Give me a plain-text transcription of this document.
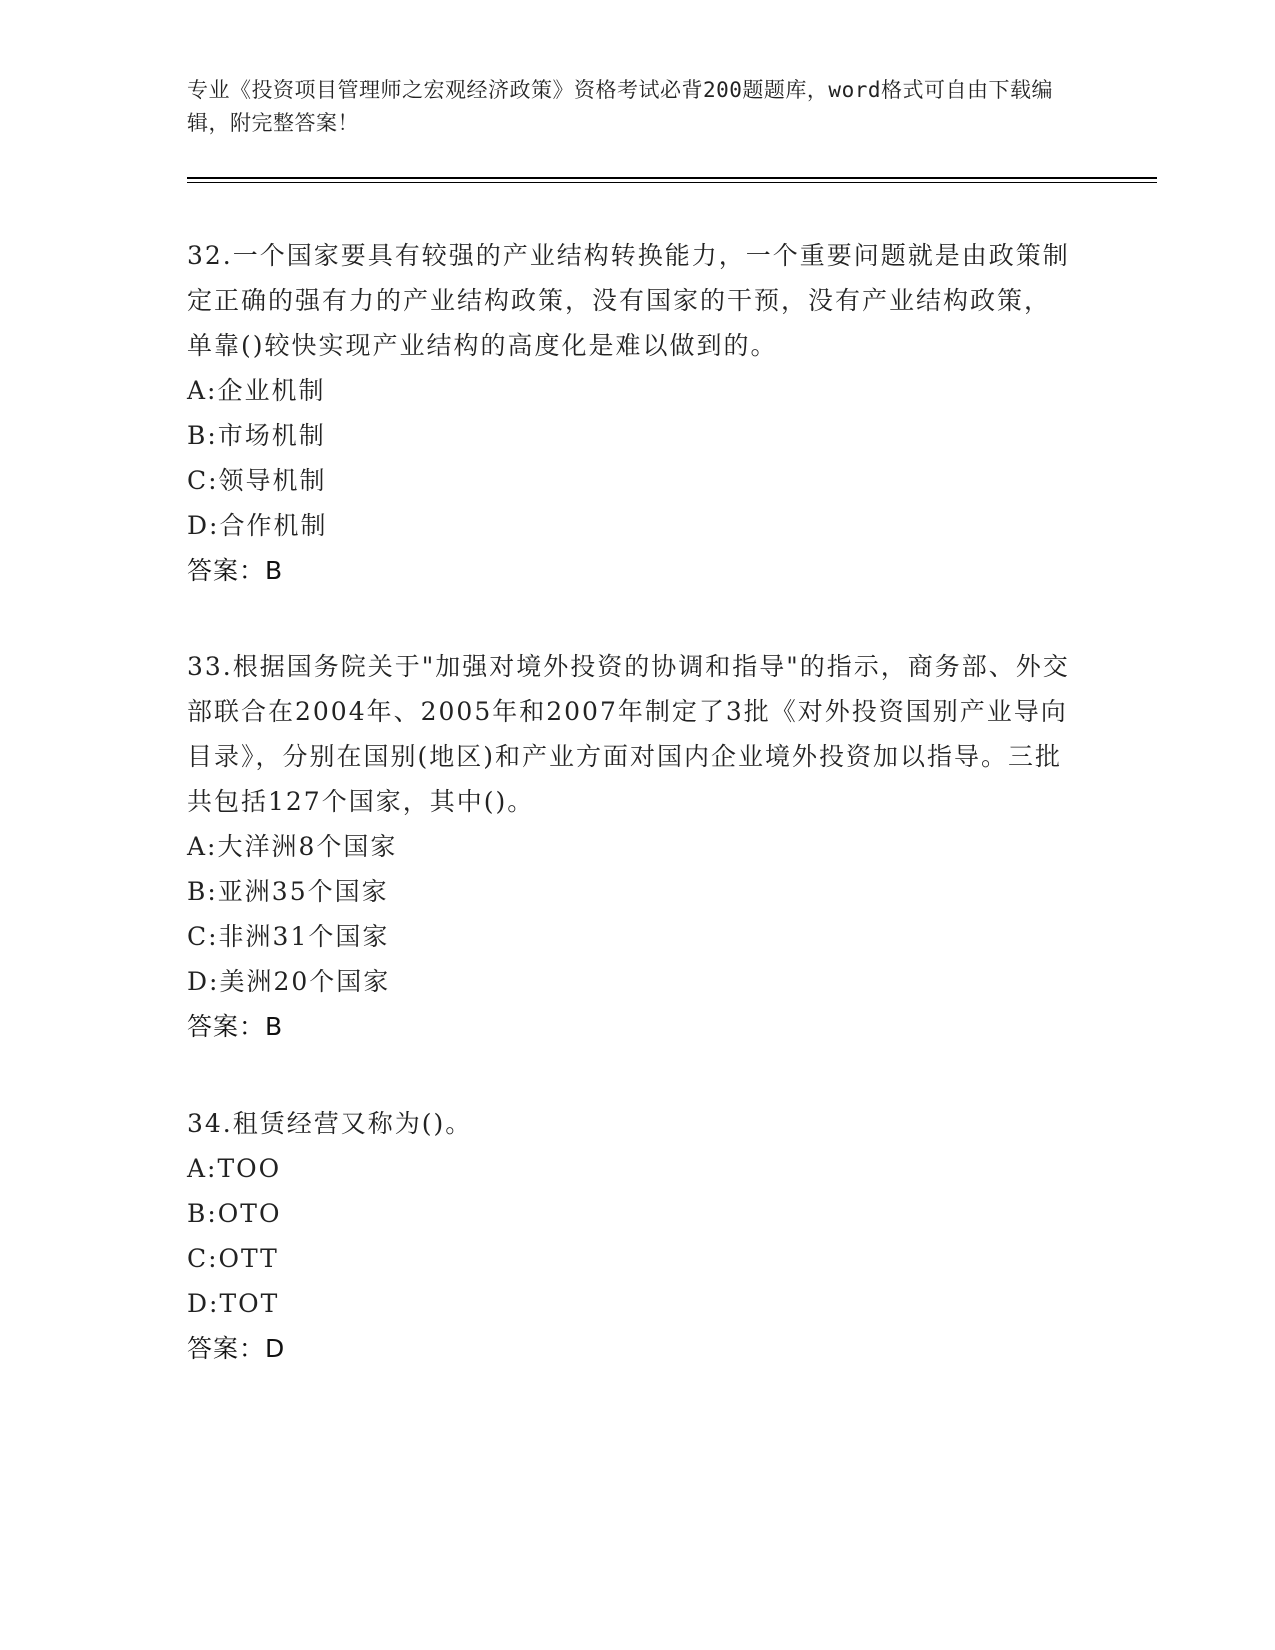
专业《投资项目管理师之宏观经济政策》资格考试必背200题题库，word格式可自由下载编辑，附完整答案！

32.一个国家要具有较强的产业结构转换能力，一个重要问题就是由政策制定正确的强有力的产业结构政策，没有国家的干预，没有产业结构政策，单靠()较快实现产业结构的高度化是难以做到的。

A:企业机制

B:市场机制

C:领导机制

D:合作机制

答案：B

33.根据国务院关于"加强对境外投资的协调和指导"的指示，商务部、外交部联合在2004年、2005年和2007年制定了3批《对外投资国别产业导向目录》，分别在国别(地区)和产业方面对国内企业境外投资加以指导。三批共包括127个国家，其中()。

A:大洋洲8个国家

B:亚洲35个国家

C:非洲31个国家

D:美洲20个国家

答案：B

34.租赁经营又称为()。

A:TOO

B:OTO

C:OTT

D:TOT

答案：D
